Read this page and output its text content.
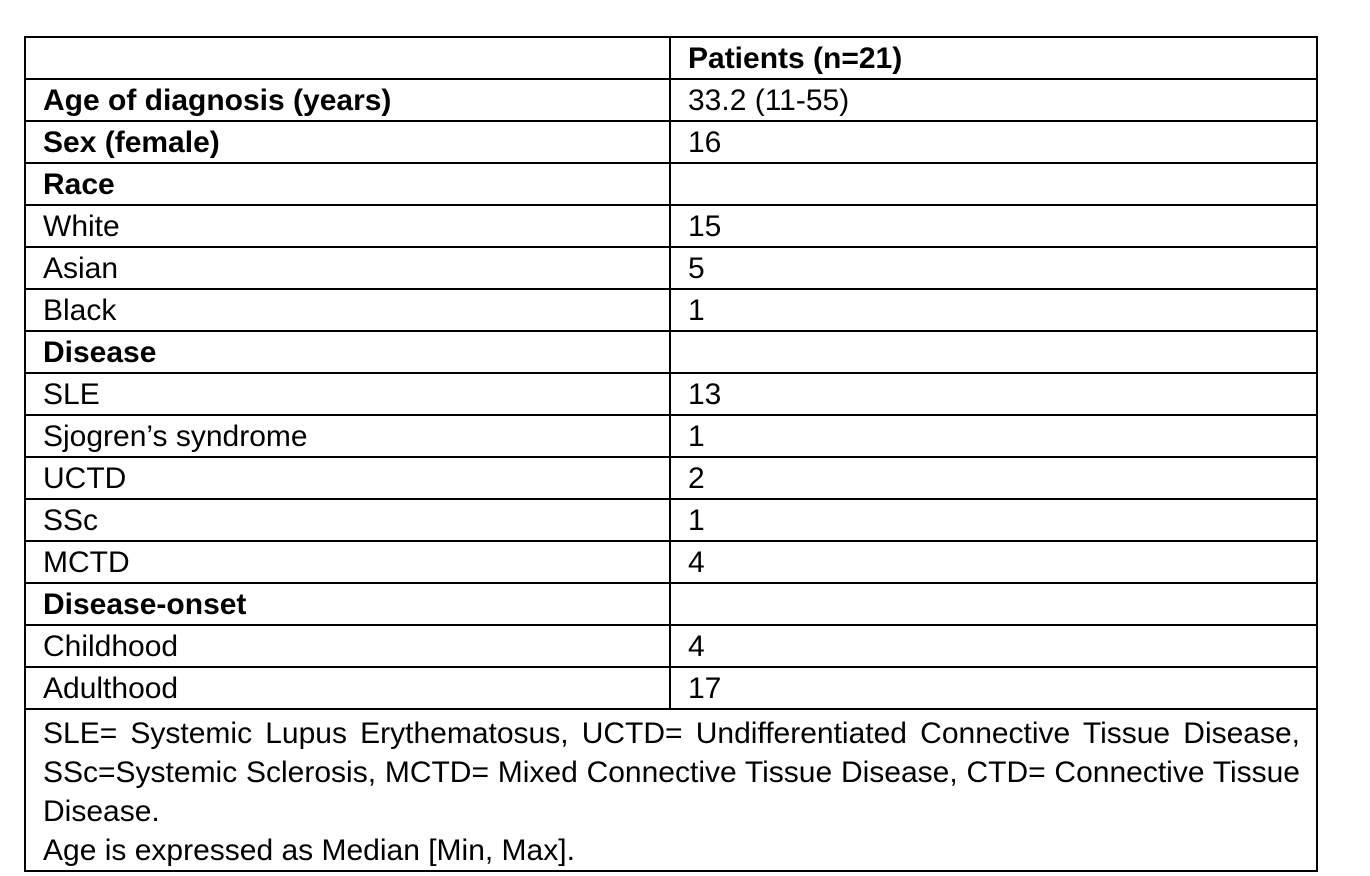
	Patients (n=21)
Age of diagnosis (years)	33.2 (11-55)
Sex (female)	16
Race	
White	15
Asian	5
Black	1
Disease	
SLE	13
Sjogren’s syndrome	1
UCTD	2
SSc	1
MCTD	4
Disease-onset	
Childhood	4
Adulthood	17

SLE= Systemic Lupus Erythematosus, UCTD= Undifferentiated Connective Tissue Disease, SSc=Systemic Sclerosis, MCTD= Mixed Connective Tissue Disease, CTD= Connective Tissue Disease.
Age is expressed as Median [Min, Max].	
